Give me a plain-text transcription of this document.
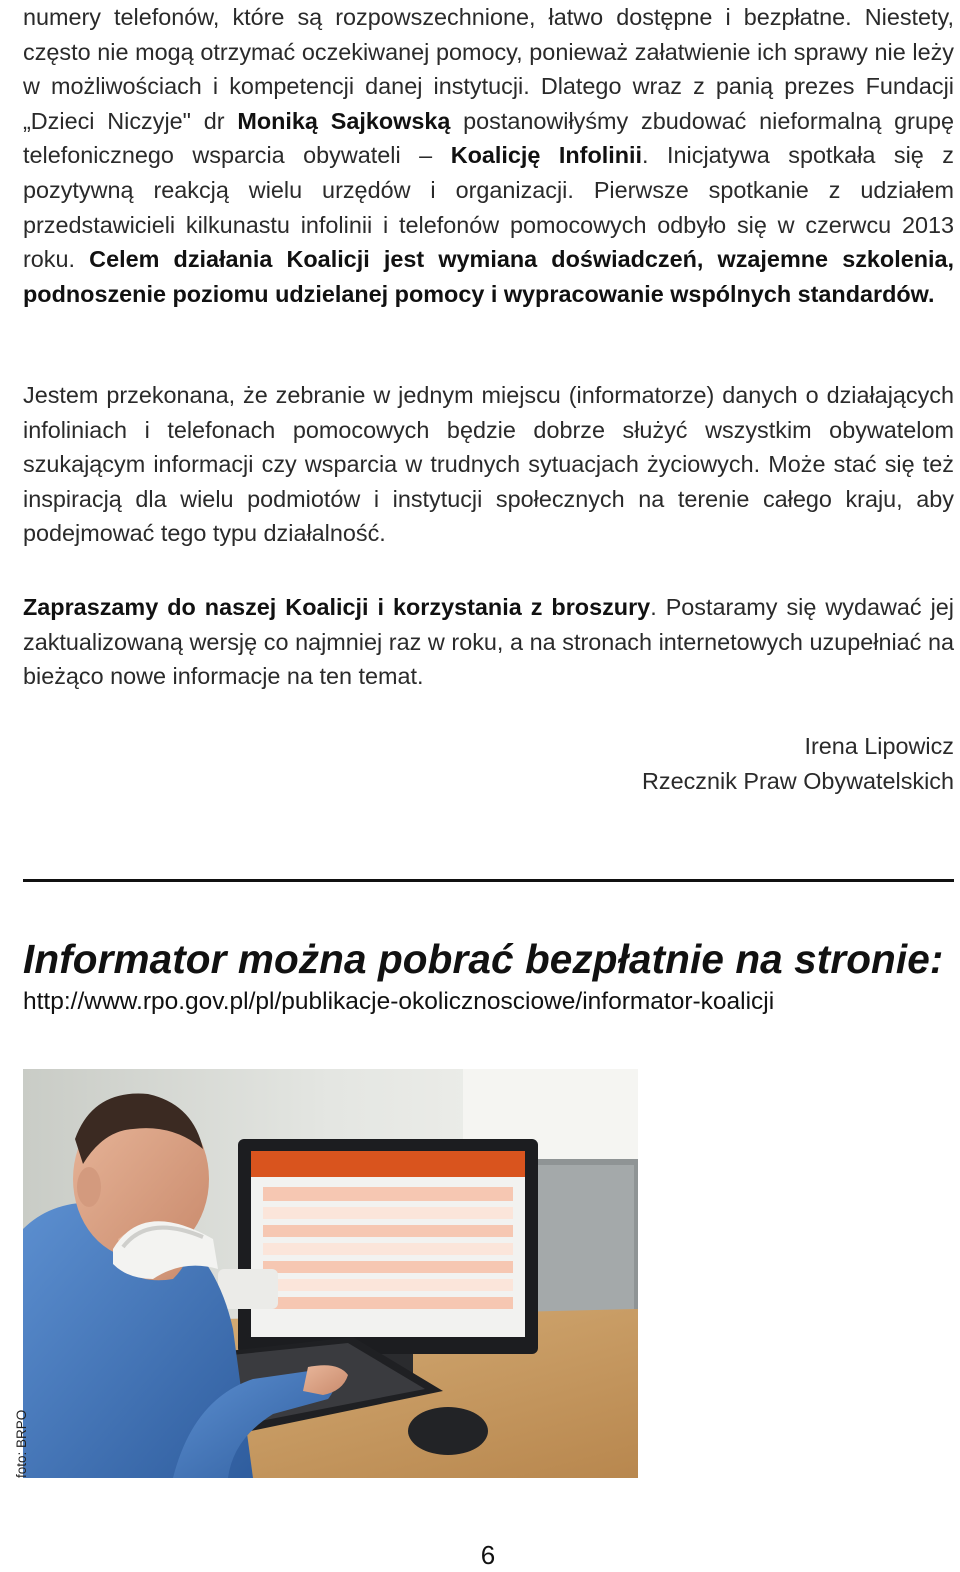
numery telefonów, które są rozpowszechnione, łatwo dostępne i bezpłatne. Niestety, często nie mogą otrzymać oczekiwanej pomocy, ponieważ załatwienie ich sprawy nie leży w możliwościach i kompetencji danej instytucji. Dlatego wraz z panią prezes Fundacji „Dzieci Niczyje" dr Moniką Sajkowską postanowiłyśmy zbudować nieformalną grupę telefonicznego wsparcia obywateli – Koalicję Infolinii. Inicjatywa spotkała się z pozytywną reakcją wielu urzędów i organizacji. Pierwsze spotkanie z udziałem przedstawicieli kilkunastu infolinii i telefonów pomocowych odbyło się w czerwcu 2013 roku. Celem działania Koalicji jest wymiana doświadczeń, wzajemne szkolenia, podnoszenie poziomu udzielanej pomocy i wypracowanie wspólnych standardów.
Jestem przekonana, że zebranie w jednym miejscu (informatorze) danych o działających infoliniach i telefonach pomocowych będzie dobrze służyć wszystkim obywatelom szukającym informacji czy wsparcia w trudnych sytuacjach życiowych. Może stać się też inspiracją dla wielu podmiotów i instytucji społecznych na terenie całego kraju, aby podejmować tego typu działalność.
Zapraszamy do naszej Koalicji i korzystania z broszury. Postaramy się wydawać jej zaktualizowaną wersję co najmniej raz w roku, a na stronach internetowych uzupełniać na bieżąco nowe informacje na ten temat.
Irena Lipowicz
Rzecznik Praw Obywatelskich
Informator można pobrać bezpłatnie na stronie:
http://www.rpo.gov.pl/pl/publikacje-okolicznosciowe/informator-koalicji
foto: BRPO
6
